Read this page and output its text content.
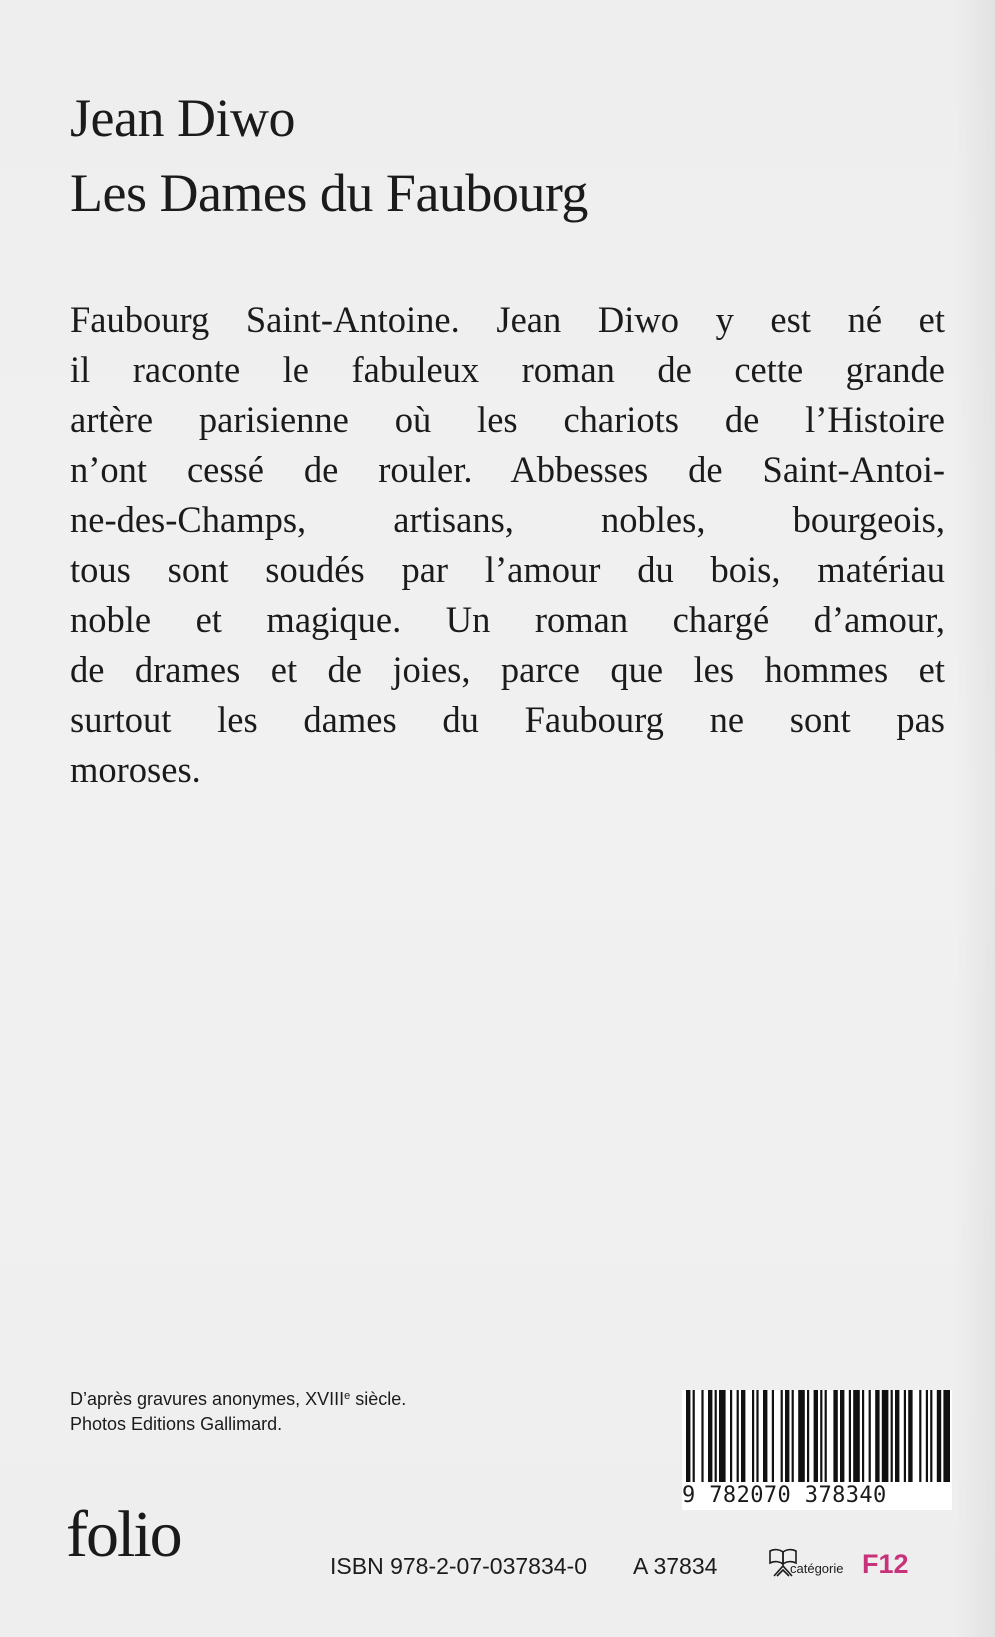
Jean Diwo
Les Dames du Faubourg
Faubourg Saint-Antoine. Jean Diwo y est né et
il raconte le fabuleux roman de cette grande
artère parisienne où les chariots de l’Histoire
n’ont cessé de rouler. Abbesses de Saint-Antoi-
ne-des-Champs, artisans, nobles, bourgeois,
tous sont soudés par l’amour du bois, matériau
noble et magique. Un roman chargé d’amour,
de drames et de joies, parce que les hommes et
surtout les dames du Faubourg ne sont pas
moroses.
D’après gravures anonymes, XVIIIe siècle.
Photos Editions Gallimard.
folio
9 782070 378340
ISBN 978-2-07-037834-0 A 37834	catégorie F12
